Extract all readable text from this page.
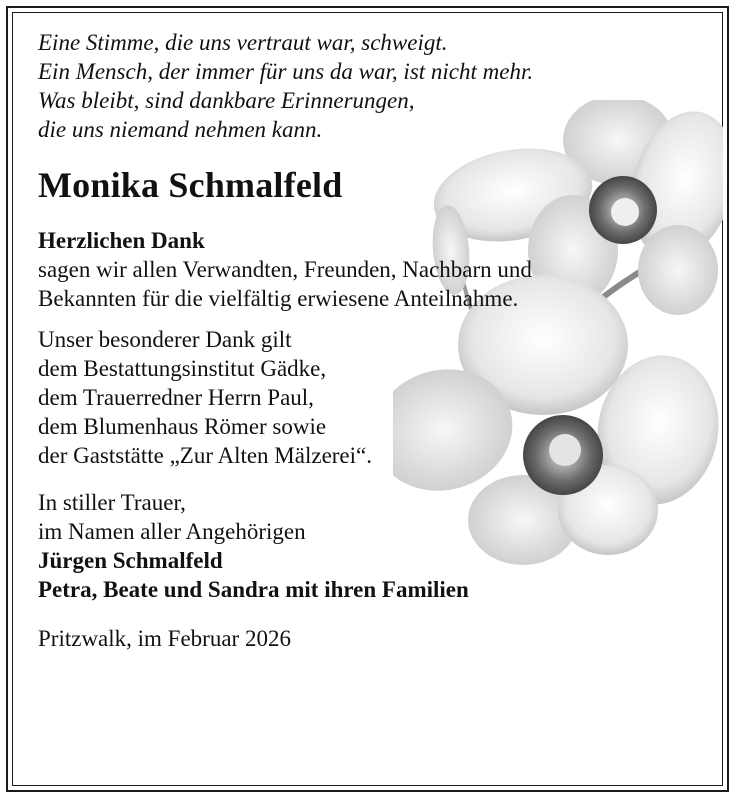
Eine Stimme, die uns vertraut war, schweigt.
Ein Mensch, der immer für uns da war, ist nicht mehr.
Was bleibt, sind dankbare Erinnerungen,
die uns niemand nehmen kann.
Monika Schmalfeld
Herzlichen Dank
sagen wir allen Verwandten, Freunden, Nachbarn und
Bekannten für die vielfältig erwiesene Anteilnahme.
Unser besonderer Dank gilt
dem Bestattungsinstitut Gädke,
dem Trauerredner Herrn Paul,
dem Blumenhaus Römer sowie
der Gaststätte „Zur Alten Mälzerei“.
In stiller Trauer,
im Namen aller Angehörigen
Jürgen Schmalfeld
Petra, Beate und Sandra mit ihren Familien
Pritzwalk, im Februar 2026
